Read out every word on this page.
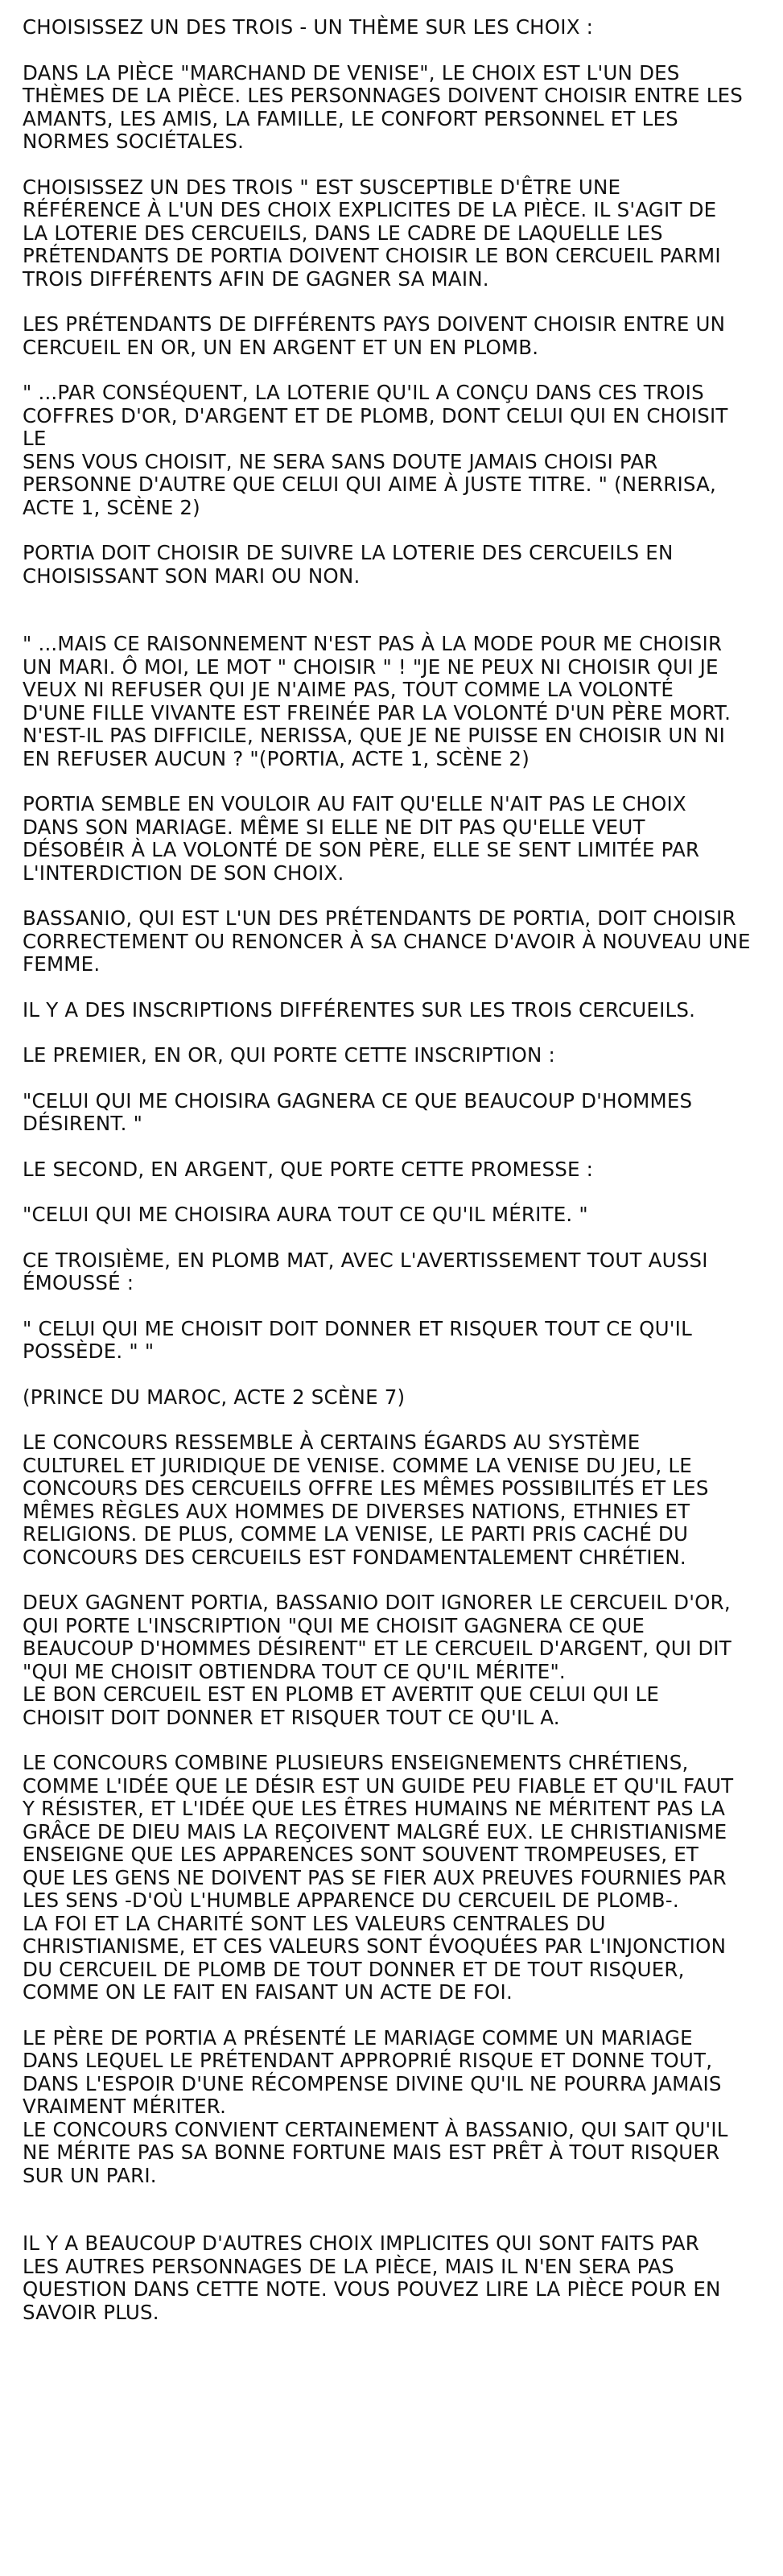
CHOISISSEZ UN DES TROIS - UN THÈME SUR LES CHOIX :

DANS LA PIÈCE "MARCHAND DE VENISE", LE CHOIX EST L'UN DES
THÈMES DE LA PIÈCE. LES PERSONNAGES DOIVENT CHOISIR ENTRE LES
AMANTS, LES AMIS, LA FAMILLE, LE CONFORT PERSONNEL ET LES
NORMES SOCIÉTALES.

CHOISISSEZ UN DES TROIS " EST SUSCEPTIBLE D'ÊTRE UNE
RÉFÉRENCE À L'UN DES CHOIX EXPLICITES DE LA PIÈCE. IL S'AGIT DE
LA LOTERIE DES CERCUEILS, DANS LE CADRE DE LAQUELLE LES
PRÉTENDANTS DE PORTIA DOIVENT CHOISIR LE BON CERCUEIL PARMI
TROIS DIFFÉRENTS AFIN DE GAGNER SA MAIN.

LES PRÉTENDANTS DE DIFFÉRENTS PAYS DOIVENT CHOISIR ENTRE UN
CERCUEIL EN OR, UN EN ARGENT ET UN EN PLOMB.

" ...PAR CONSÉQUENT, LA LOTERIE QU'IL A CONÇU DANS CES TROIS
COFFRES D'OR, D'ARGENT ET DE PLOMB, DONT CELUI QUI EN CHOISIT LE
SENS VOUS CHOISIT, NE SERA SANS DOUTE JAMAIS CHOISI PAR
PERSONNE D'AUTRE QUE CELUI QUI AIME À JUSTE TITRE. " (NERRISA,
ACTE 1, SCÈNE 2)

PORTIA DOIT CHOISIR DE SUIVRE LA LOTERIE DES CERCUEILS EN
CHOISISSANT SON MARI OU NON.

" ...MAIS CE RAISONNEMENT N'EST PAS À LA MODE POUR ME CHOISIR
UN MARI. Ô MOI, LE MOT " CHOISIR " ! "JE NE PEUX NI CHOISIR QUI JE
VEUX NI REFUSER QUI JE N'AIME PAS, TOUT COMME LA VOLONTÉ
D'UNE FILLE VIVANTE EST FREINÉE PAR LA VOLONTÉ D'UN PÈRE MORT.
N'EST-IL PAS DIFFICILE, NERISSA, QUE JE NE PUISSE EN CHOISIR UN NI
EN REFUSER AUCUN ? "(PORTIA, ACTE 1, SCÈNE 2)

PORTIA SEMBLE EN VOULOIR AU FAIT QU'ELLE N'AIT PAS LE CHOIX
DANS SON MARIAGE. MÊME SI ELLE NE DIT PAS QU'ELLE VEUT
DÉSOBÉIR À LA VOLONTÉ DE SON PÈRE, ELLE SE SENT LIMITÉE PAR
L'INTERDICTION DE SON CHOIX.

BASSANIO, QUI EST L'UN DES PRÉTENDANTS DE PORTIA, DOIT CHOISIR
CORRECTEMENT OU RENONCER À SA CHANCE D'AVOIR À NOUVEAU UNE
FEMME.

IL Y A DES INSCRIPTIONS DIFFÉRENTES SUR LES TROIS CERCUEILS.

LE PREMIER, EN OR, QUI PORTE CETTE INSCRIPTION :

"CELUI QUI ME CHOISIRA GAGNERA CE QUE BEAUCOUP D'HOMMES
DÉSIRENT. "

LE SECOND, EN ARGENT, QUE PORTE CETTE PROMESSE :

"CELUI QUI ME CHOISIRA AURA TOUT CE QU'IL MÉRITE. "

CE TROISIÈME, EN PLOMB MAT, AVEC L'AVERTISSEMENT TOUT AUSSI
ÉMOUSSÉ :

" CELUI QUI ME CHOISIT DOIT DONNER ET RISQUER TOUT CE QU'IL
POSSÈDE. " "

(PRINCE DU MAROC, ACTE 2 SCÈNE 7)

LE CONCOURS RESSEMBLE À CERTAINS ÉGARDS AU SYSTÈME
CULTUREL ET JURIDIQUE DE VENISE. COMME LA VENISE DU JEU, LE
CONCOURS DES CERCUEILS OFFRE LES MÊMES POSSIBILITÉS ET LES
MÊMES RÈGLES AUX HOMMES DE DIVERSES NATIONS, ETHNIES ET
RELIGIONS. DE PLUS, COMME LA VENISE, LE PARTI PRIS CACHÉ DU
CONCOURS DES CERCUEILS EST FONDAMENTALEMENT CHRÉTIEN.

DEUX GAGNENT PORTIA, BASSANIO DOIT IGNORER LE CERCUEIL D'OR,
QUI PORTE L'INSCRIPTION "QUI ME CHOISIT GAGNERA CE QUE
BEAUCOUP D'HOMMES DÉSIRENT" ET LE CERCUEIL D'ARGENT, QUI DIT
"QUI ME CHOISIT OBTIENDRA TOUT CE QU'IL MÉRITE".
LE BON CERCUEIL EST EN PLOMB ET AVERTIT QUE CELUI QUI LE
CHOISIT DOIT DONNER ET RISQUER TOUT CE QU'IL A.

LE CONCOURS COMBINE PLUSIEURS ENSEIGNEMENTS CHRÉTIENS,
COMME L'IDÉE QUE LE DÉSIR EST UN GUIDE PEU FIABLE ET QU'IL FAUT
Y RÉSISTER, ET L'IDÉE QUE LES ÊTRES HUMAINS NE MÉRITENT PAS LA
GRÂCE DE DIEU MAIS LA REÇOIVENT MALGRÉ EUX. LE CHRISTIANISME
ENSEIGNE QUE LES APPARENCES SONT SOUVENT TROMPEUSES, ET
QUE LES GENS NE DOIVENT PAS SE FIER AUX PREUVES FOURNIES PAR
LES SENS -D'OÙ L'HUMBLE APPARENCE DU CERCUEIL DE PLOMB-.
LA FOI ET LA CHARITÉ SONT LES VALEURS CENTRALES DU
CHRISTIANISME, ET CES VALEURS SONT ÉVOQUÉES PAR L'INJONCTION
DU CERCUEIL DE PLOMB DE TOUT DONNER ET DE TOUT RISQUER,
COMME ON LE FAIT EN FAISANT UN ACTE DE FOI.

LE PÈRE DE PORTIA A PRÉSENTÉ LE MARIAGE COMME UN MARIAGE
DANS LEQUEL LE PRÉTENDANT APPROPRIÉ RISQUE ET DONNE TOUT,
DANS L'ESPOIR D'UNE RÉCOMPENSE DIVINE QU'IL NE POURRA JAMAIS
VRAIMENT MÉRITER.
LE CONCOURS CONVIENT CERTAINEMENT À BASSANIO, QUI SAIT QU'IL
NE MÉRITE PAS SA BONNE FORTUNE MAIS EST PRÊT À TOUT RISQUER
SUR UN PARI.

IL Y A BEAUCOUP D'AUTRES CHOIX IMPLICITES QUI SONT FAITS PAR
LES AUTRES PERSONNAGES DE LA PIÈCE, MAIS IL N'EN SERA PAS
QUESTION DANS CETTE NOTE. VOUS POUVEZ LIRE LA PIÈCE POUR EN
SAVOIR PLUS.
